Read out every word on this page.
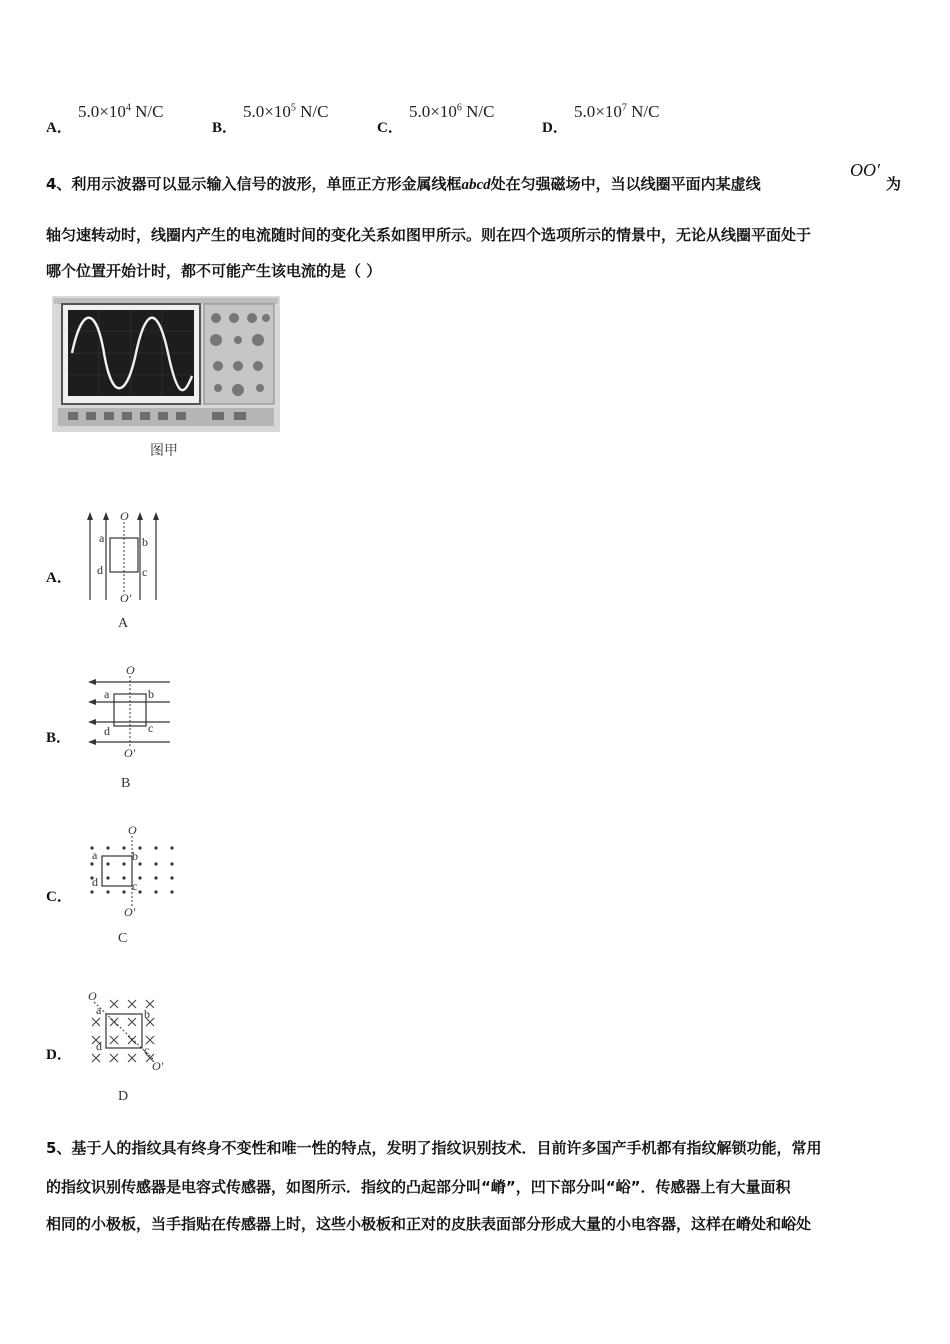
A．
$5.0\times 10^4$ N/C
B．
$5.0\times 10^5$ N/C
C．
$5.0\times 10^6$ N/C
D．
$5.0\times 10^7$ N/C
4、利用示波器可以显示输入信号的波形，单匝正方形金属线框abcd处在匀强磁场中，当以线圈平面内某虚线
OO′
为
轴匀速转动时，线圈内产生的电流随时间的变化关系如图甲所示。则在四个选项所示的情景中，无论从线圈平面处于
哪个位置开始计时，都不可能产生该电流的是（ ）
图甲
A．
O
O′
a	b
c
d
A
B．
O
O′
a	b
c
d
B
C．
O
O′
a	b
c
d
C
D．
O
O′
a	b
c
d
D
5、基于人的指纹具有终身不变性和唯一性的特点，发明了指纹识别技术．目前许多国产手机都有指纹解锁功能，常用
的指纹识别传感器是电容式传感器，如图所示．指纹的凸起部分叫“嵴”，凹下部分叫“峪”．传感器上有大量面积
相同的小极板，当手指贴在传感器上时，这些小极板和正对的皮肤表面部分形成大量的小电容器，这样在嵴处和峪处
